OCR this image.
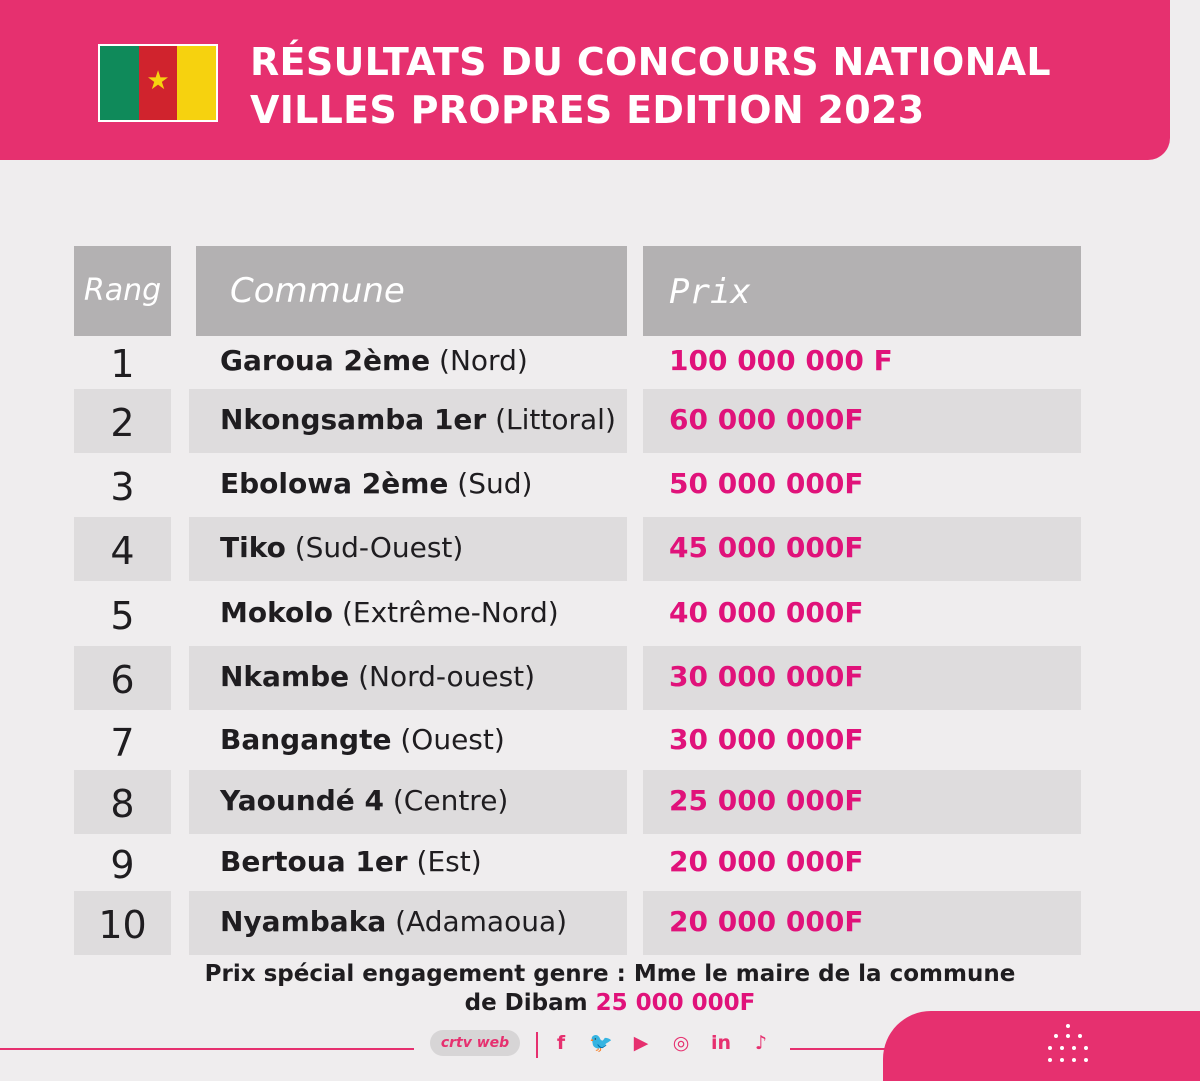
★ RÉSULTATS DU CONCOURS NATIONAL
VILLES PROPRES EDITION 2023
Rang	Commune	Prix
1	Garoua 2ème (Nord)	100 000 000 F
2	Nkongsamba 1er (Littoral) 60 000 000F
3	Ebolowa 2ème (Sud)	50 000 000F
4	Tiko (Sud-Ouest)	45 000 000F
5	Mokolo (Extrême-Nord)	40 000 000F
6	Nkambe (Nord-ouest)	30 000 000F
7	Bangangte (Ouest)	30 000 000F
8	Yaoundé 4 (Centre)	25 000 000F
9	Bertoua 1er (Est)	20 000 000F
10	Nyambaka (Adamaoua)	20 000 000F
Prix spécial engagement genre : Mme le maire de la commune
de Dibam 25 000 000F
crtv web	f	🐦 ▶ ◎ in	♪
